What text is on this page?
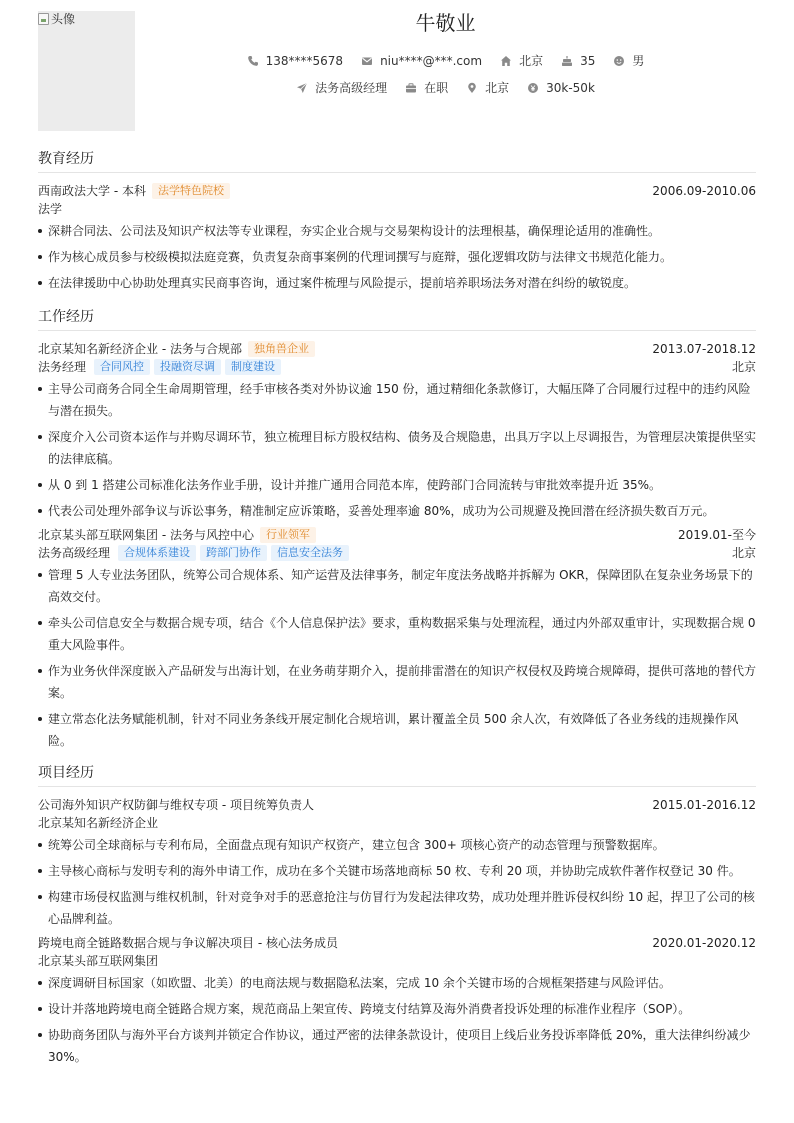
头像	牛敬业
138****5678	niu****@***.com	北京	35	男
法务高级经理	在职	北京	30k-50k
教育经历
西南政法大学 - 本科	法学特色院校	2006.09-2010.06
法学
深耕合同法、公司法及知识产权法等专业课程，夯实企业合规与交易架构设计的法理根基，确保理论适用的准确性。
作为核心成员参与校级模拟法庭竞赛，负责复杂商事案例的代理词撰写与庭辩，强化逻辑攻防与法律文书规范化能力。
在法律援助中心协助处理真实民商事咨询，通过案件梳理与风险提示，提前培养职场法务对潜在纠纷的敏锐度。
工作经历
北京某知名新经济企业 - 法务与合规部	独角兽企业	2013.07-2018.12
法务经理	合同风控	投融资尽调	制度建设	北京
主导公司商务合同全生命周期管理，经手审核各类对外协议逾 150 份，通过精细化条款修订，大幅压降了合同履行过程中的违约风险与潜在损失。
深度介入公司资本运作与并购尽调环节，独立梳理目标方股权结构、债务及合规隐患，出具万字以上尽调报告，为管理层决策提供坚实的法律底稿。
从 0 到 1 搭建公司标准化法务作业手册，设计并推广通用合同范本库，使跨部门合同流转与审批效率提升近 35%。
代表公司处理外部争议与诉讼事务，精准制定应诉策略，妥善处理率逾 80%，成功为公司规避及挽回潜在经济损失数百万元。
北京某头部互联网集团 - 法务与风控中心	行业领军	2019.01-至今
法务高级经理	合规体系建设	跨部门协作	信息安全法务	北京
管理 5 人专业法务团队，统筹公司合规体系、知产运营及法律事务，制定年度法务战略并拆解为 OKR，保障团队在复杂业务场景下的高效交付。
牵头公司信息安全与数据合规专项，结合《个人信息保护法》要求，重构数据采集与处理流程，通过内外部双重审计，实现数据合规 0 重大风险事件。
作为业务伙伴深度嵌入产品研发与出海计划，在业务萌芽期介入，提前排雷潜在的知识产权侵权及跨境合规障碍，提供可落地的替代方案。
建立常态化法务赋能机制，针对不同业务条线开展定制化合规培训，累计覆盖全员 500 余人次，有效降低了各业务线的违规操作风险。
项目经历
公司海外知识产权防御与维权专项 - 项目统筹负责人	2015.01-2016.12
北京某知名新经济企业
统筹公司全球商标与专利布局，全面盘点现有知识产权资产，建立包含 300+ 项核心资产的动态管理与预警数据库。
主导核心商标与发明专利的海外申请工作，成功在多个关键市场落地商标 50 枚、专利 20 项，并协助完成软件著作权登记 30 件。
构建市场侵权监测与维权机制，针对竞争对手的恶意抢注与仿冒行为发起法律攻势，成功处理并胜诉侵权纠纷 10 起，捍卫了公司的核心品牌利益。
跨境电商全链路数据合规与争议解决项目 - 核心法务成员	2020.01-2020.12
北京某头部互联网集团
深度调研目标国家（如欧盟、北美）的电商法规与数据隐私法案，完成 10 余个关键市场的合规框架搭建与风险评估。
设计并落地跨境电商全链路合规方案，规范商品上架宣传、跨境支付结算及海外消费者投诉处理的标准作业程序（SOP）。
协助商务团队与海外平台方谈判并锁定合作协议，通过严密的法律条款设计，使项目上线后业务投诉率降低 20%，重大法律纠纷减少 30%。
